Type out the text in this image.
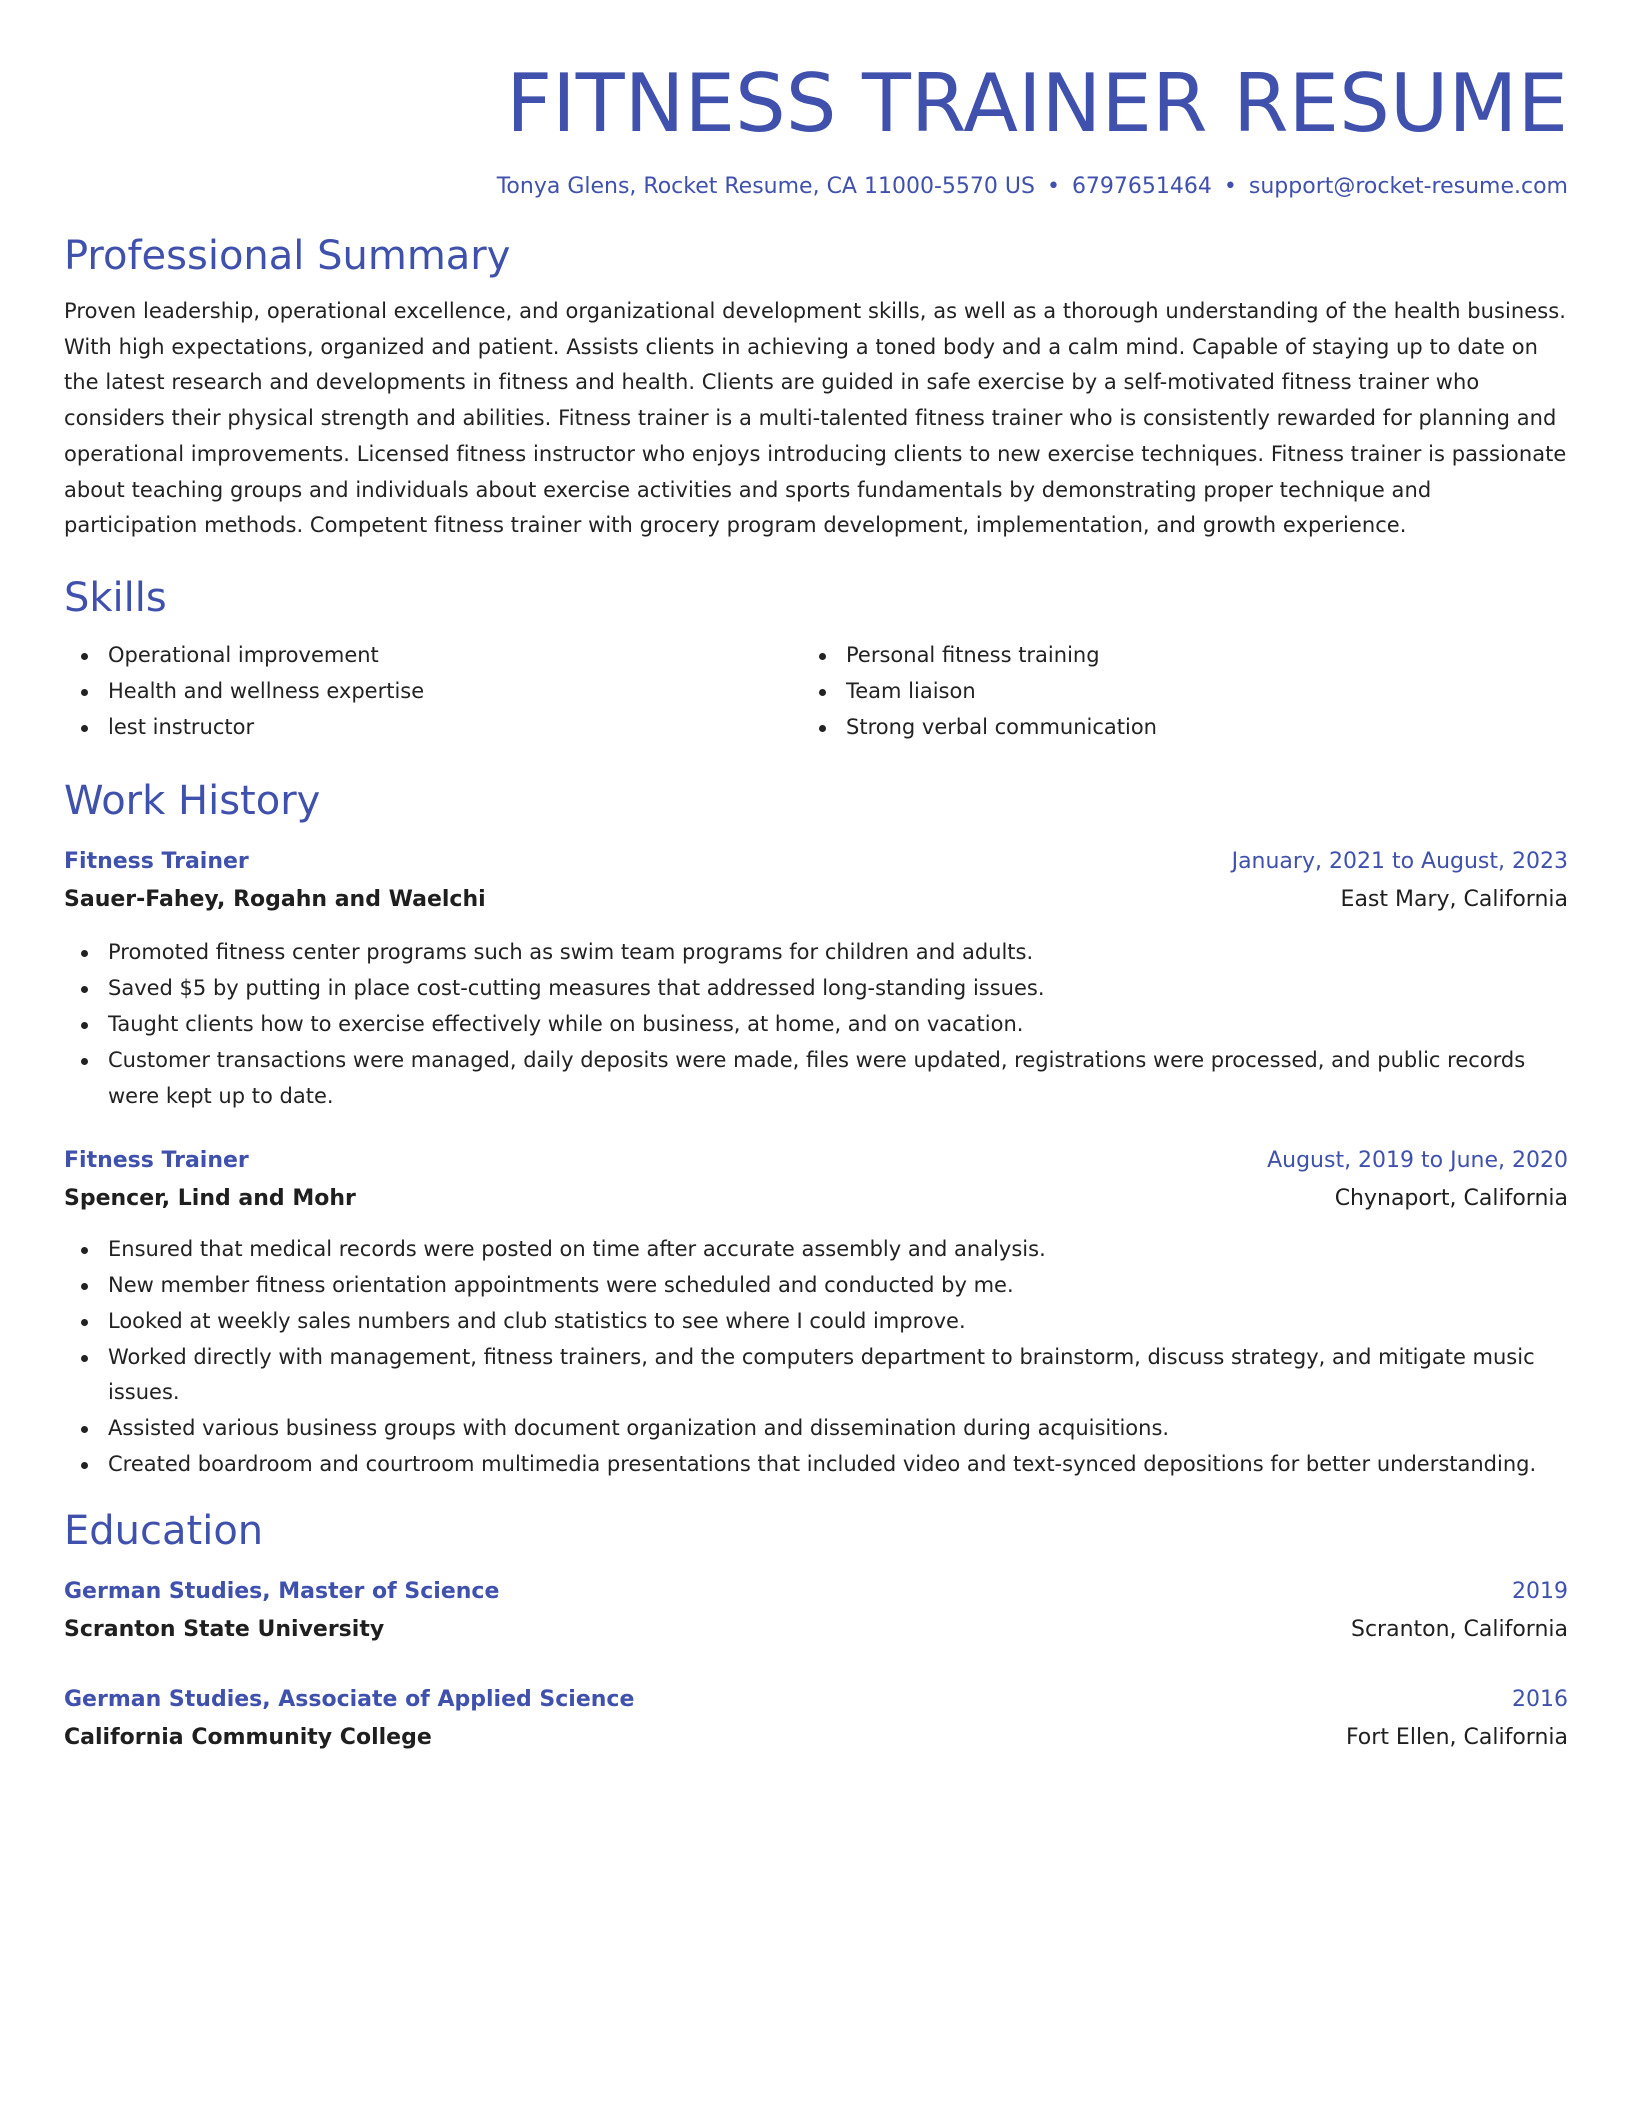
FITNESS TRAINER RESUME
Tonya Glens, Rocket Resume, CA 11000-5570 US • 6797651464 • support@rocket-resume.com
Professional Summary

Proven leadership, operational excellence, and organizational development skills, as well as a thorough understanding of the health business. With high expectations, organized and patient. Assists clients in achieving a toned body and a calm mind. Capable of staying up to date on the latest research and developments in fitness and health. Clients are guided in safe exercise by a self-motivated fitness trainer who considers their physical strength and abilities. Fitness trainer is a multi-talented fitness trainer who is consistently rewarded for planning and operational improvements. Licensed fitness instructor who enjoys introducing clients to new exercise techniques. Fitness trainer is passionate about teaching groups and individuals about exercise activities and sports fundamentals by demonstrating proper technique and participation methods. Competent fitness trainer with grocery program development, implementation, and growth experience.

Skills
Operational improvement
Health and wellness expertise
lest instructor
Personal fitness training
Team liaison
Strong verbal communication
Work History
Fitness Trainer	January, 2021 to August, 2023
Sauer-Fahey, Rogahn and Waelchi	East Mary, California
Promoted fitness center programs such as swim team programs for children and adults.
Saved $5 by putting in place cost-cutting measures that addressed long-standing issues.
Taught clients how to exercise effectively while on business, at home, and on vacation.
Customer transactions were managed, daily deposits were made, files were updated, registrations were processed, and public records were kept up to date.
Fitness Trainer	August, 2019 to June, 2020
Spencer, Lind and Mohr	Chynaport, California
Ensured that medical records were posted on time after accurate assembly and analysis.
New member fitness orientation appointments were scheduled and conducted by me.
Looked at weekly sales numbers and club statistics to see where I could improve.
Worked directly with management, fitness trainers, and the computers department to brainstorm, discuss strategy, and mitigate music issues.
Assisted various business groups with document organization and dissemination during acquisitions.
Created boardroom and courtroom multimedia presentations that included video and text-synced depositions for better understanding.
Education
German Studies, Master of Science	2019
Scranton State University	Scranton, California
German Studies, Associate of Applied Science	2016
California Community College	Fort Ellen, California
